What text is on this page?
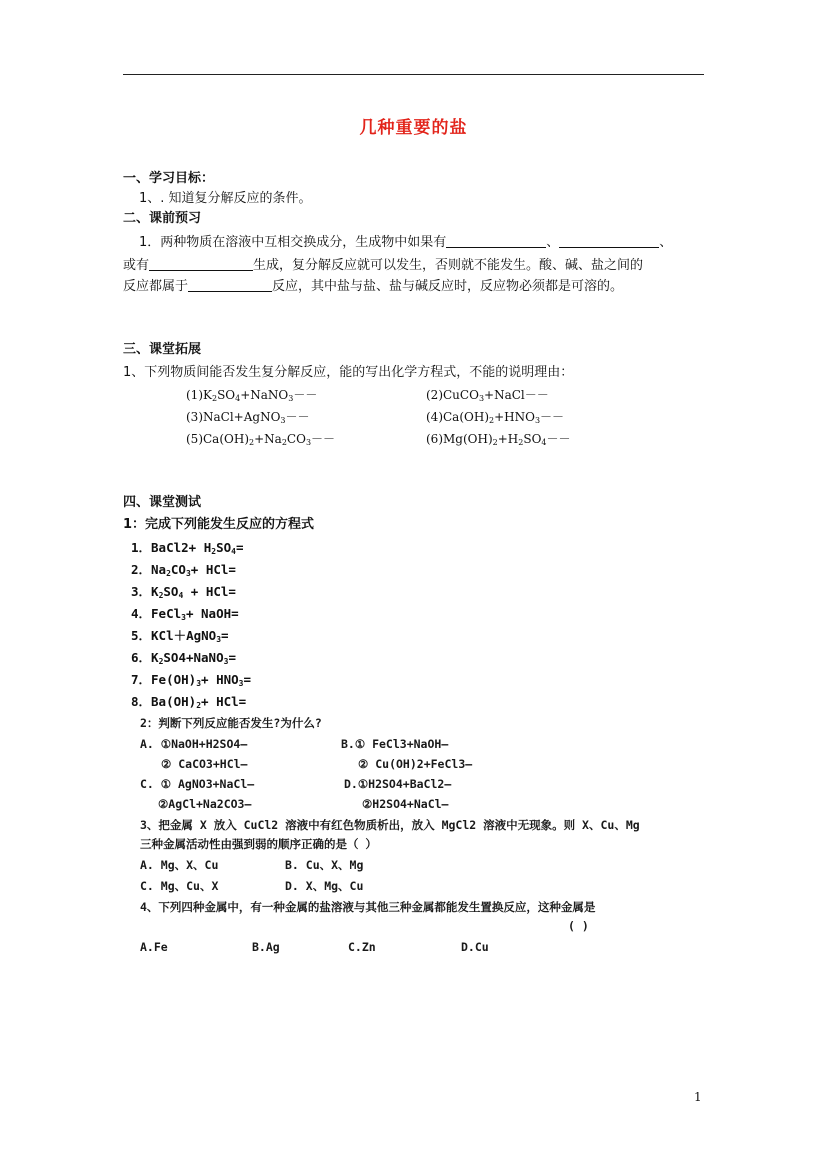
几种重要的盐
一、学习目标：
1、. 知道复分解反应的条件。
二、课前预习
1．两种物质在溶液中互相交换成分，生成物中如果有	、	、
或有	生成，复分解反应就可以发生，否则就不能发生。酸、碱、盐之间的
反应都属于	反应，其中盐与盐、盐与碱反应时，反应物必须都是可溶的。
三、课堂拓展
1、下列物质间能否发生复分解反应，能的写出化学方程式，不能的说明理由：
$(1)K_2SO_4+NaNO_3--$	(2)CuCO$_3$+NaCl－－
(3)NaCl+AgNO$_3$－－	$(4)Ca(OH)_2+HNO_3--$
$(5)Ca(OH)_2+Na_2CO_3--$	$(6)Mg(OH)_2+H_2SO_4--$
四、课堂测试
1：完成下列能发生反应的方程式
1．BaCl2+ $H_2SO_4=$
2．$Na_2CO_3+ HCl=$
3．$K_2SO_4 + HCl=$
4．FeCl$_3$+ NaOH=
5．KCl＋AgNO$_3$=
6．$K_2SO4+NaNO_3=$
7．$Fe(OH)_3+ HNO_3=$
8．$Ba(OH)_2+ HCl=$
2：判断下列反应能否发生?为什么?
A. ①NaOH+H2SO4—	B.① FeCl3+NaOH—
② CaCO3+HCl—	② Cu(OH)2+FeCl3—
C. ① AgNO3+NaCl—	D.①H2SO4+BaCl2—
②AgCl+Na2CO3—	②H2SO4+NaCl—
3、把金属 X 放入 CuCl2 溶液中有红色物质析出，放入 MgCl2 溶液中无现象。则 X、Cu、Mg
三种金属活动性由强到弱的顺序正确的是（ ）
A. Mg、X、Cu	B. Cu、X、Mg
C. Mg、Cu、X	D. X、Mg、Cu
4、下列四种金属中，有一种金属的盐溶液与其他三种金属都能发生置换反应，这种金属是
( )
A.Fe	B.Ag	C.Zn	D.Cu
1
